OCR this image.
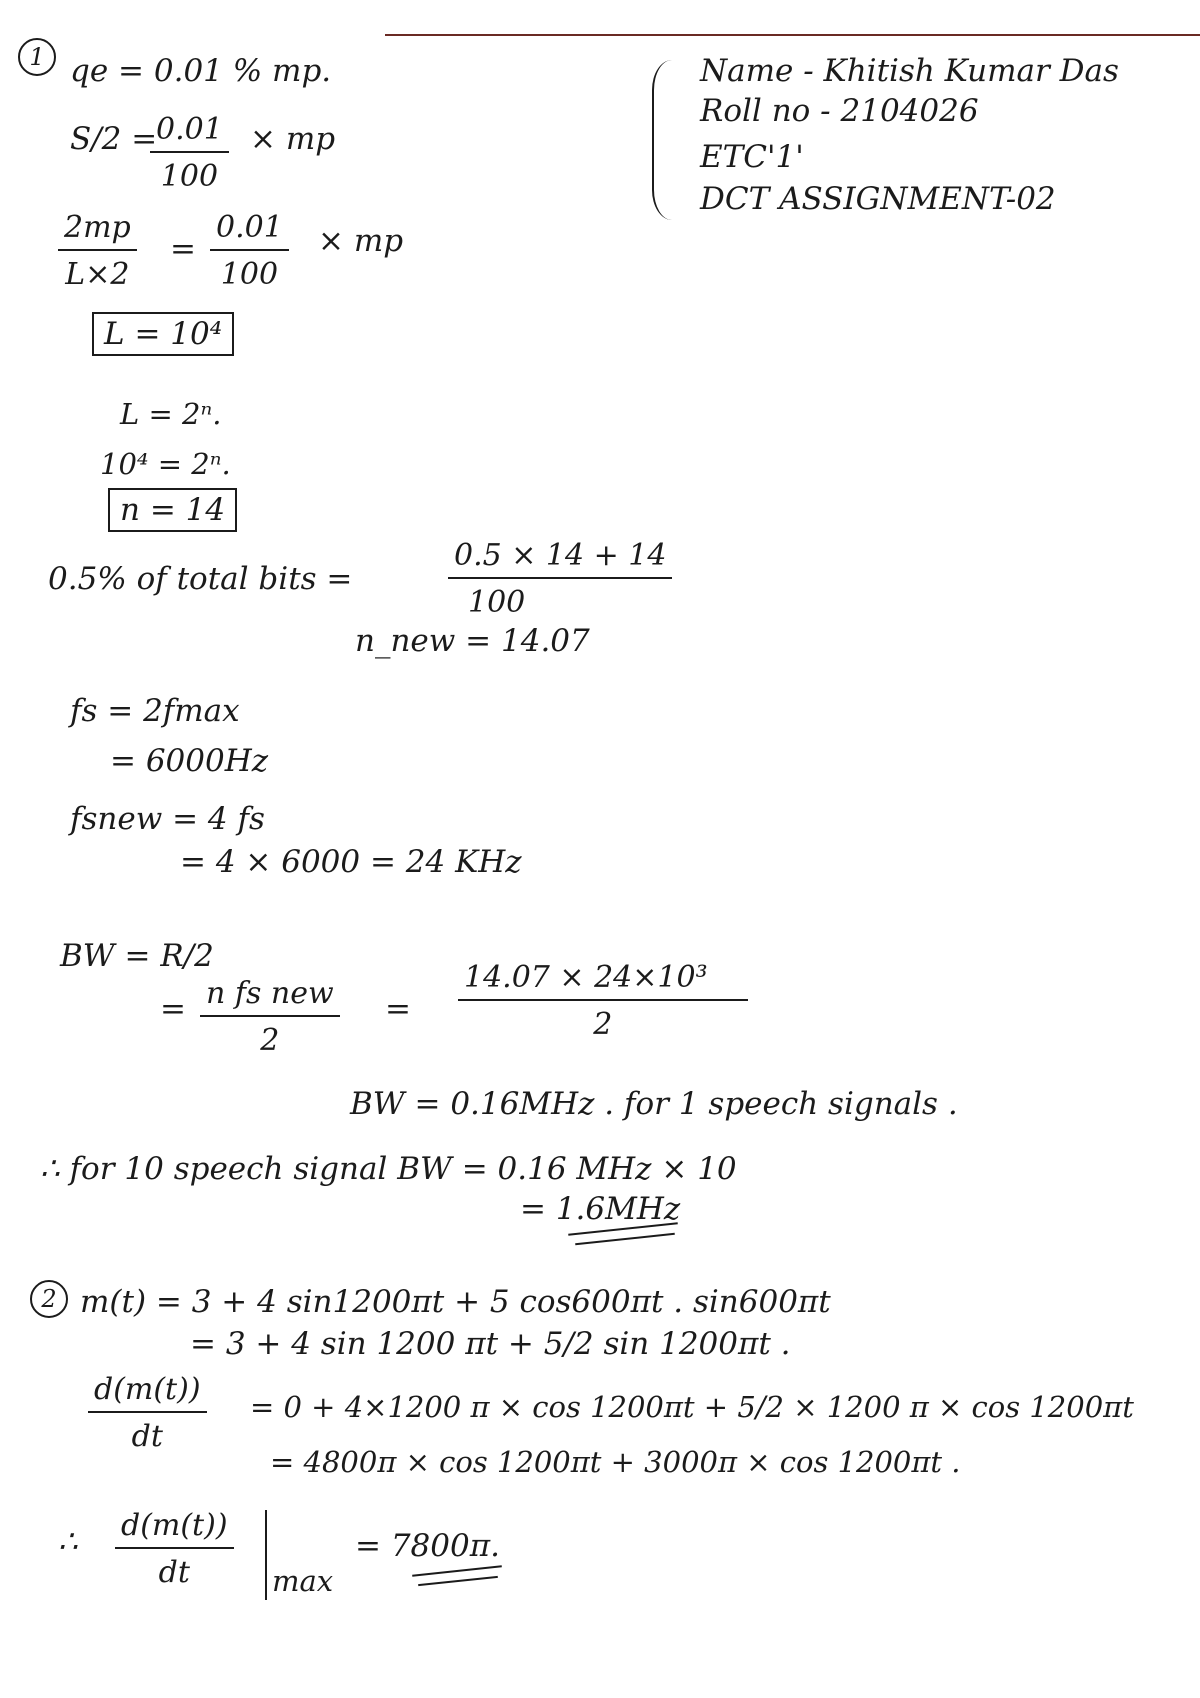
Name - Khitish Kumar Das
Roll no - 2104026
ETC'1'
DCT ASSIGNMENT-02
1 qe = 0.01 % mp.
S/2 =
$\frac{0.01}{100}$ × mp
$\frac{2mp}{L\times 2} = \frac{0.01}{100}$ × mp
L = 10⁴
L = 2ⁿ.
10⁴ = 2ⁿ.
n = 14
0.5% of total bits =	$\frac{0.5 \times 14 + 14}{100}$
n_new = 14.07
fs = 2fmax
= 6000Hz
fsnew = 4 fs
= 4 × 6000 = 24 KHz
BW = R/2
= n fs new
2
= $\frac{\text{14.07 × 24×10³}}{2}$
BW = 0.16MHz . for 1 speech signals .
∴ for 10 speech signal BW = 0.16 MHz × 10
= 1.6MHz
2 m(t) = 3 + 4 sin1200πt + 5 cos600πt . sin600πt
= 3 + 4 sin 1200 πt + 5/2 sin 1200πt .
$\frac{d(m(t))}{dt} = 0 + 4\times 1200$ π × cos 1200πt + 5/2 × 1200 π × cos 1200πt
= 4800π × cos 1200πt + 3000π × cos 1200πt .
∴ $\frac{d(m(t))}{dt}$ max
= 7800π.
